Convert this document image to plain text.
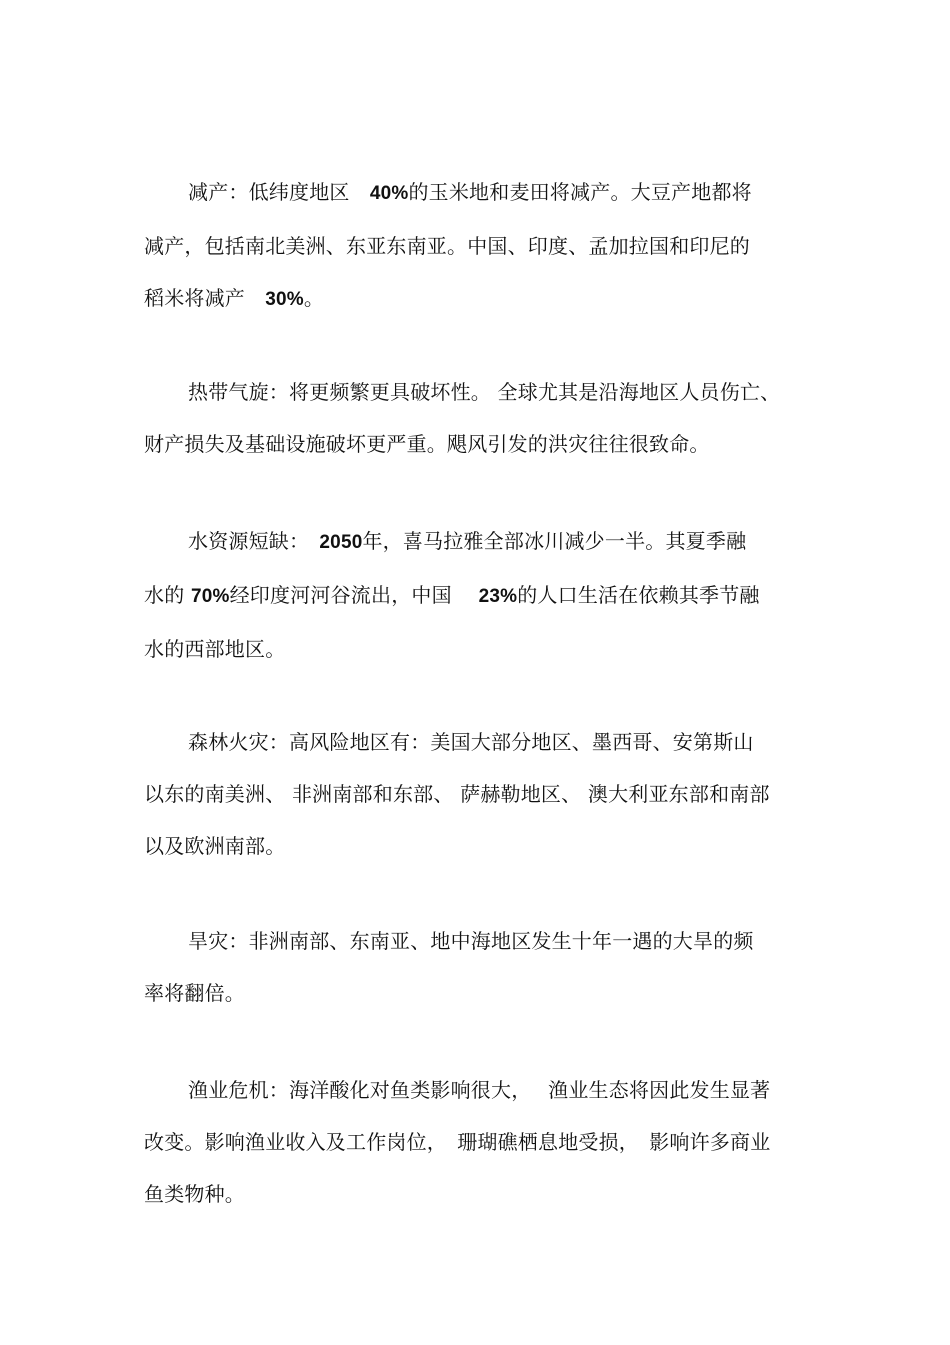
减产：低纬度地区　40%的玉米地和麦田将减产。大豆产地都将
减产，包括南北美洲、东亚东南亚。中国、印度、孟加拉国和印尼的
稻米将减产　30%。

热带气旋：将更频繁更具破坏性。 全球尤其是沿海地区人员伤亡、
财产损失及基础设施破坏更严重。飓风引发的洪灾往往很致命。

水资源短缺：　2050年，喜马拉雅全部冰川减少一半。其夏季融
水的 70%经印度河河谷流出，中国　 23%的人口生活在依赖其季节融
水的西部地区。

森林火灾：高风险地区有：美国大部分地区、墨西哥、安第斯山
以东的南美洲、 非洲南部和东部、 萨赫勒地区、 澳大利亚东部和南部
以及欧洲南部。

旱灾：非洲南部、东南亚、地中海地区发生十年一遇的大旱的频
率将翻倍。

渔业危机：海洋酸化对鱼类影响很大，　 渔业生态将因此发生显著
改变。影响渔业收入及工作岗位，　珊瑚礁栖息地受损，　影响许多商业
鱼类物种。
